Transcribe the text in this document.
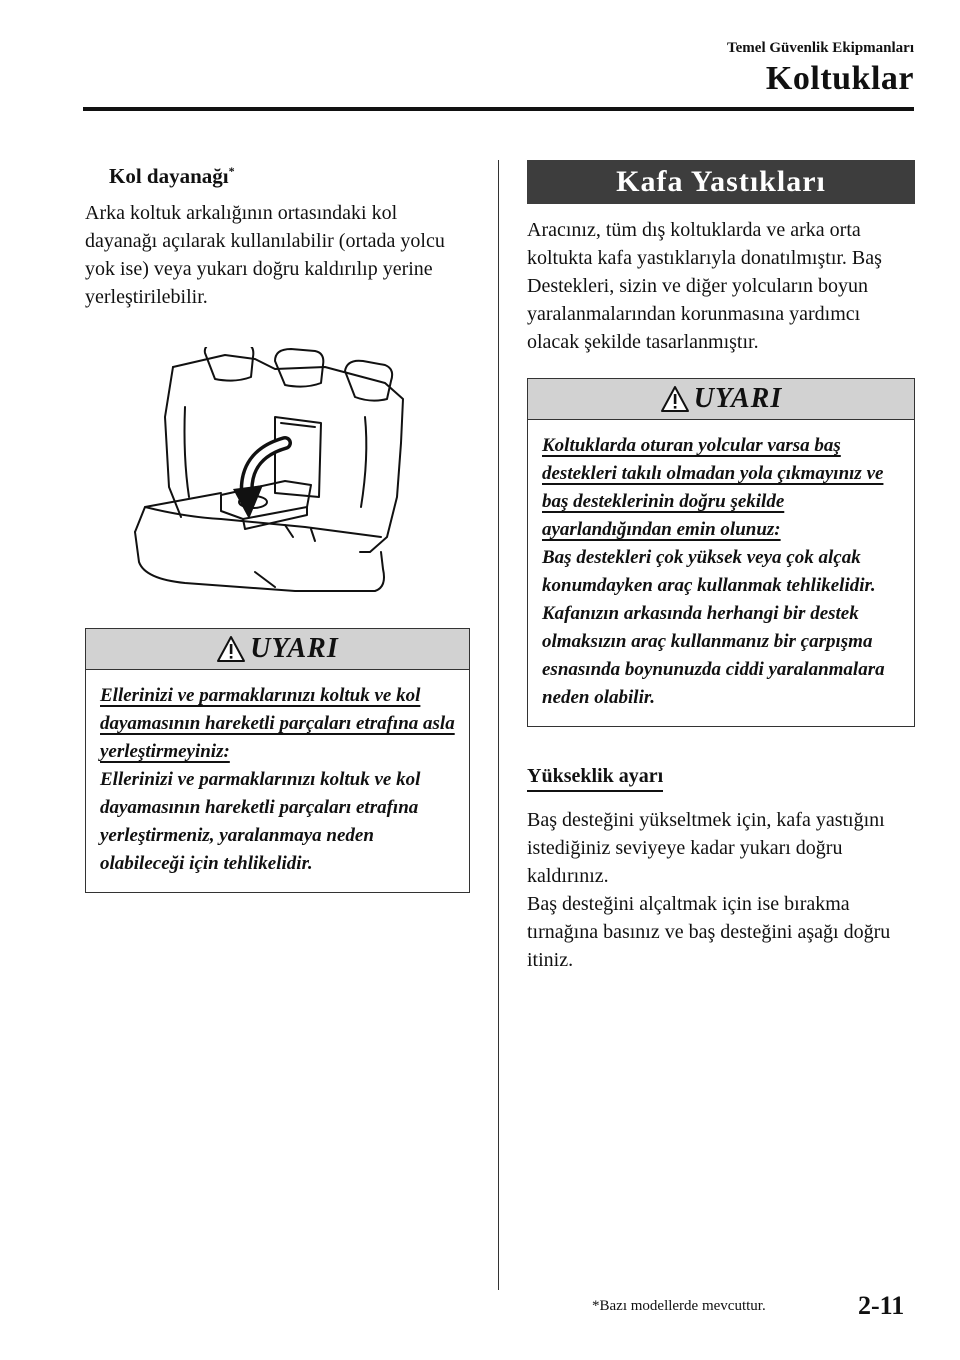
Temel Güvenlik Ekipmanları
Koltuklar
Kol dayanağı*

Arka koltuk arkalığının ortasındaki kol dayanağı açılarak kullanılabilir (ortada yolcu yok ise) veya yukarı doğru kaldırılıp yerine yerleştirilebilir.

UYARI
Ellerinizi ve parmaklarınızı koltuk ve kol dayamasının hareketli parçaları etrafına asla yerleştirmeyiniz:
Ellerinizi ve parmaklarınızı koltuk ve kol dayamasının hareketli parçaları etrafına yerleştirmeniz, yaralanmaya neden olabileceği için tehlikelidir.
Kafa Yastıkları

Aracınız, tüm dış koltuklarda ve arka orta koltukta kafa yastıklarıyla donatılmıştır. Baş Destekleri, sizin ve diğer yolcuların boyun yaralanmalarından korunmasına yardımcı olacak şekilde tasarlanmıştır.

UYARI
Koltuklarda oturan yolcular varsa baş destekleri takılı olmadan yola çıkmayınız ve baş desteklerinin doğru şekilde ayarlandığından emin olunuz:
Baş destekleri çok yüksek veya çok alçak konumdayken araç kullanmak tehlikelidir. Kafanızın arkasında herhangi bir destek olmaksızın araç kullanmanız bir çarpışma esnasında boynunuzda ciddi yaralanmalara neden olabilir.
Yükseklik ayarı

Baş desteğini yükseltmek için, kafa yastığını istediğiniz seviyeye kadar yukarı doğru kaldırınız.

Baş desteğini alçaltmak için ise bırakma tırnağına basınız ve baş desteğini aşağı doğru itiniz.

*Bazı modellerde mevcuttur.	2-11
